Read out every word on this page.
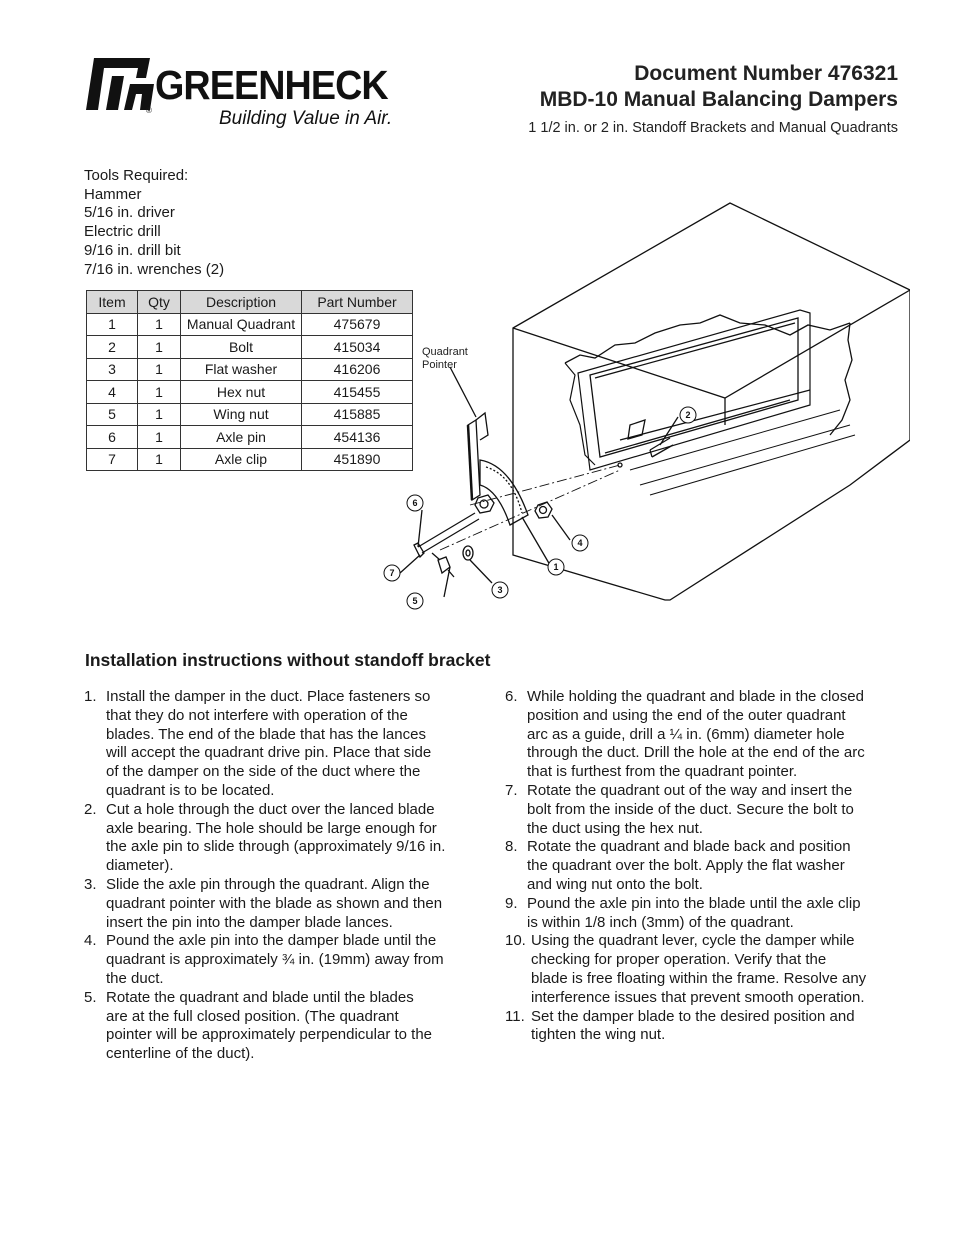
GREENHECK
®	Building Value in Air.
Document Number 476321
MBD-10 Manual Balancing Dampers
1 1/2 in. or 2 in. Standoff Brackets and Manual Quadrants
Tools Required:
Hammer
5/16 in. driver
Electric drill
9/16 in. drill bit
7/16 in. wrenches (2)
Item	Qty	Description	Part Number
1	1	Manual Quadrant	475679
2	1	Bolt	415034
3	1	Flat washer	416206
4	1	Hex nut	415455
5	1	Wing nut	415885
6	1	Axle pin	454136
7	1	Axle clip	451890
Quadrant Pointer
1
2
3
4
5
6
7
Installation instructions without standoff bracket
1. Install the damper in the duct. Place fasteners so
that they do not interfere with operation of the
blades. The end of the blade that has the lances
will accept the quadrant drive pin. Place that side
of the damper on the side of the duct where the
quadrant is to be located.
2. Cut a hole through the duct over the lanced blade
axle bearing. The hole should be large enough for
the axle pin to slide through (approximately 9/16 in.
diameter).
3. Slide the axle pin through the quadrant. Align the
quadrant pointer with the blade as shown and then
insert the pin into the damper blade lances.
4. Pound the axle pin into the damper blade until the
quadrant is approximately ¾ in. (19mm) away from
the duct.
5. Rotate the quadrant and blade until the blades
are at the full closed position. (The quadrant
pointer will be approximately perpendicular to the
centerline of the duct).
6. While holding the quadrant and blade in the closed
position and using the end of the outer quadrant
arc as a guide, drill a ¼ in. (6mm) diameter hole
through the duct. Drill the hole at the end of the arc
that is furthest from the quadrant pointer.
7. Rotate the quadrant out of the way and insert the
bolt from the inside of the duct. Secure the bolt to
the duct using the hex nut.
8. Rotate the quadrant and blade back and position
the quadrant over the bolt. Apply the flat washer
and wing nut onto the bolt.
9. Pound the axle pin into the blade until the axle clip
is within 1/8 inch (3mm) of the quadrant.
10. Using the quadrant lever, cycle the damper while
checking for proper operation. Verify that the
blade is free floating within the frame. Resolve any
interference issues that prevent smooth operation.
11. Set the damper blade to the desired position and
tighten the wing nut.
